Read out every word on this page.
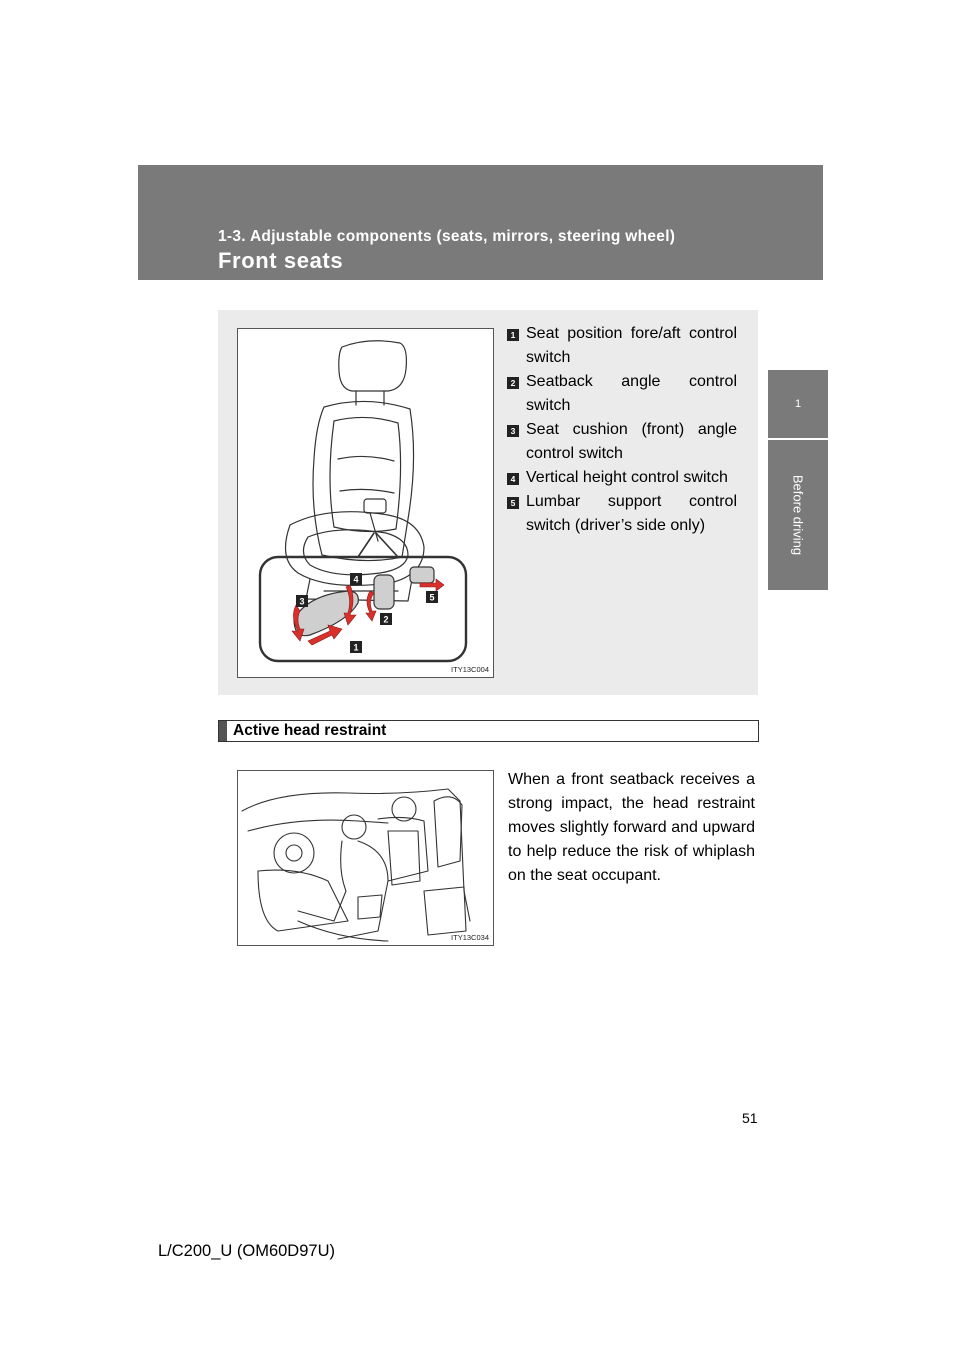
1-3. Adjustable components (seats, mirrors, steering wheel)
Front seats
1
Before driving
1
2
3
4
5
ITY13C004
1 Seat position fore/aft control switch
2 Seatback angle control switch
3 Seat cushion (front) angle control switch
4 Vertical height control switch
5 Lumbar support control switch (driver’s side only)
Active head restraint
ITY13C034

When a front seatback receives a strong impact, the head restraint moves slightly forward and upward to help reduce the risk of whiplash on the seat occupant.

51
L/C200_U (OM60D97U)
